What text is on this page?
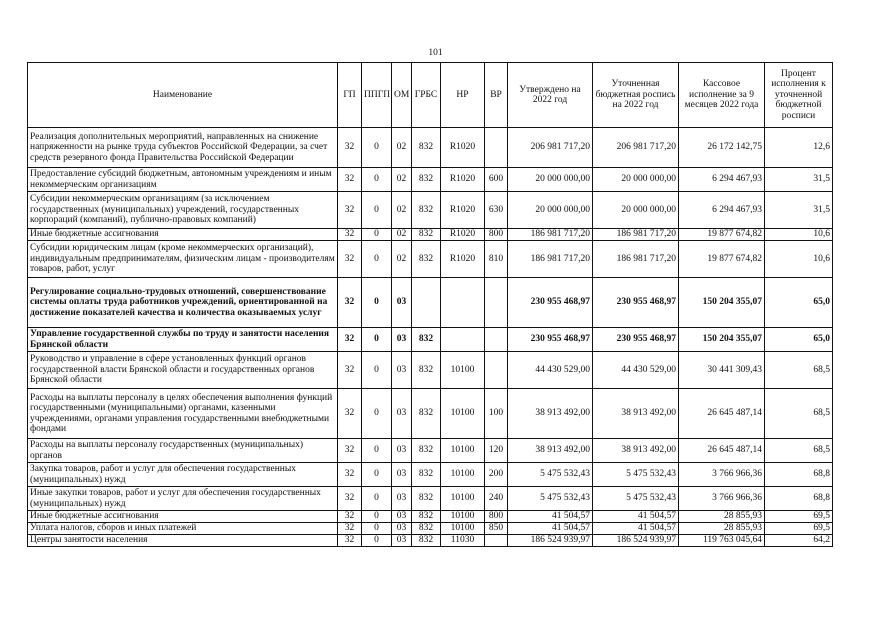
101
Наименование	ГП	ППГП	ОМ	ГРБС	НР	ВР	Утверждено на 2022 год	Уточненная бюджетная роспись на 2022 год	Кассовое исполнение за 9 месяцев 2022 года	Процент исполнения к уточненной бюджетной росписи
Реализация дополнительных мероприятий, направленных на снижение напряженности на рынке труда субъектов Российской Федерации, за счет средств резервного фонда Правительства Российской Федерации	32	0	02	832	R1020		206 981 717,20	206 981 717,20	26 172 142,75	12,6
Предоставление субсидий бюджетным, автономным учреждениям и иным некоммерческим организациям	32	0	02	832	R1020	600	20 000 000,00	20 000 000,00	6 294 467,93	31,5
Субсидии некоммерческим организациям (за исключением государственных (муниципальных) учреждений, государственных корпораций (компаний), публично-правовых компаний)	32	0	02	832	R1020	630	20 000 000,00	20 000 000,00	6 294 467,93	31,5
Иные бюджетные ассигнования	32	0	02	832	R1020	800	186 981 717,20	186 981 717,20	19 877 674,82	10,6
Субсидии юридическим лицам (кроме некоммерческих организаций), индивидуальным предпринимателям, физическим лицам - производителям товаров, работ, услуг	32	0	02	832	R1020	810	186 981 717,20	186 981 717,20	19 877 674,82	10,6
Регулирование социально-трудовых отношений, совершенствование системы оплаты труда работников учреждений, ориентированной на достижение показателей качества и количества оказываемых услуг	32	0	03				230 955 468,97	230 955 468,97	150 204 355,07	65,0
Управление государственной службы по труду и занятости населения Брянской области	32	0	03	832			230 955 468,97	230 955 468,97	150 204 355,07	65,0
Руководство и управление в сфере установленных функций органов государственной власти Брянской области и государственных органов Брянской области	32	0	03	832	10100		44 430 529,00	44 430 529,00	30 441 309,43	68,5
Расходы на выплаты персоналу в целях обеспечения выполнения функций государственными (муниципальными) органами, казенными учреждениями, органами управления государственными внебюджетными фондами	32	0	03	832	10100	100	38 913 492,00	38 913 492,00	26 645 487,14	68,5
Расходы на выплаты персоналу государственных (муниципальных) органов	32	0	03	832	10100	120	38 913 492,00	38 913 492,00	26 645 487,14	68,5
Закупка товаров, работ и услуг для обеспечения государственных (муниципальных) нужд	32	0	03	832	10100	200	5 475 532,43	5 475 532,43	3 766 966,36	68,8
Иные закупки товаров, работ и услуг для обеспечения государственных (муниципальных) нужд	32	0	03	832	10100	240	5 475 532,43	5 475 532,43	3 766 966,36	68,8
Иные бюджетные ассигнования	32	0	03	832	10100	800	41 504,57	41 504,57	28 855,93	69,5
Уплата налогов, сборов и иных платежей	32	0	03	832	10100	850	41 504,57	41 504,57	28 855,93	69,5
Центры занятости населения	32	0	03	832	11030		186 524 939,97	186 524 939,97	119 763 045,64	64,2
